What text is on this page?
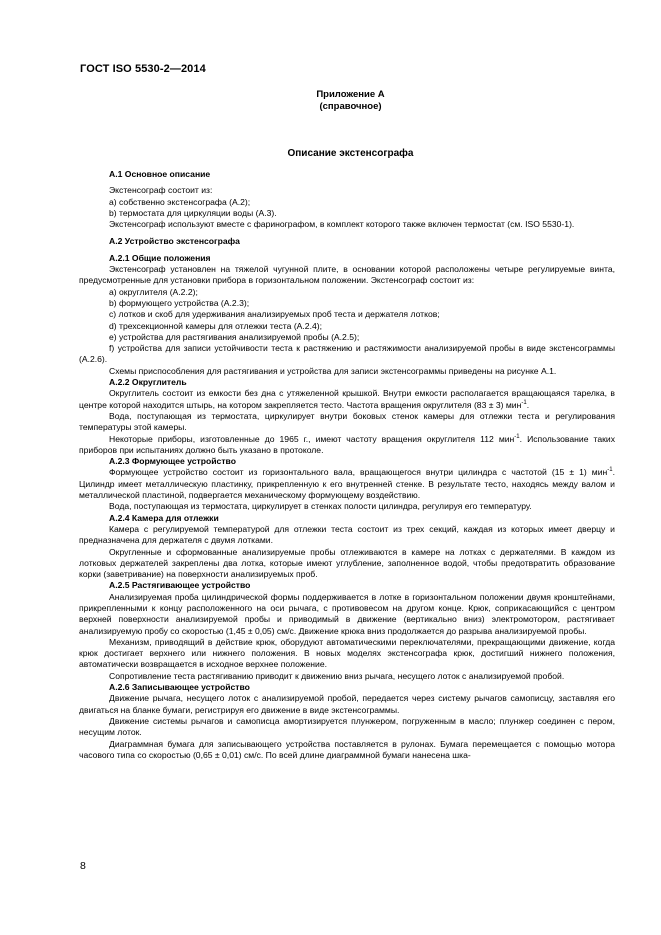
ГОСТ ISO 5530-2—2014
Приложение А
(справочное)
Описание экстенсографа
А.1 Основное описание

Экстенсограф состоит из:

а) собственно экстенсографа (А.2);

b) термостата для циркуляции воды (А.3).

Экстенсограф используют вместе с фаринографом, в комплект которого также включен термостат (см. ISO 5530-1).

А.2 Устройство экстенсографа
А.2.1 Общие положения

Экстенсограф установлен на тяжелой чугунной плите, в основании которой расположены четыре регулируемые винта, предусмотренные для установки прибора в горизонтальном положении. Экстенсограф состоит из:

а) округлителя (А.2.2);

b) формующего устройства (А.2.3);

с) лотков и скоб для удерживания анализируемых проб теста и держателя лотков;

d) трехсекционной камеры для отлежки теста (А.2.4);

е) устройства для растягивания анализируемой пробы (А.2.5);

f) устройства для записи устойчивости теста к растяжению и растяжимости анализируемой пробы в виде экстенсограммы (А.2.6).

Схемы приспособления для растягивания и устройства для записи экстенсограммы приведены на рисунке А.1.

А.2.2 Округлитель

Округлитель состоит из емкости без дна с утяжеленной крышкой. Внутри емкости располагается вращающаяся тарелка, в центре которой находится штырь, на котором закрепляется тесто. Частота вращения округлителя (83 ± 3) мин$^{-1}$.

Вода, поступающая из термостата, циркулирует внутри боковых стенок камеры для отлежки теста и регулирования температуры этой камеры.

Некоторые приборы, изготовленные до 1965 г., имеют частоту вращения округлителя 112 мин$^{-1}$. Использование таких приборов при испытаниях должно быть указано в протоколе.

А.2.3 Формующее устройство

Формующее устройство состоит из горизонтального вала, вращающегося внутри цилиндра с частотой (15 ± 1) мин$^{-1}$. Цилиндр имеет металлическую пластинку, прикрепленную к его внутренней стенке. В результате тесто, находясь между валом и металлической пластиной, подвергается механическому формующему воздействию.

Вода, поступающая из термостата, циркулирует в стенках полости цилиндра, регулируя его температуру.

А.2.4 Камера для отлежки

Камера с регулируемой температурой для отлежки теста состоит из трех секций, каждая из которых имеет дверцу и предназначена для держателя с двумя лотками.

Округленные и сформованные анализируемые пробы отлеживаются в камере на лотках с держателями. В каждом из лотковых держателей закреплены два лотка, которые имеют углубление, заполненное водой, чтобы предотвратить образование корки (заветривание) на поверхности анализируемых проб.

А.2.5 Растягивающее устройство

Анализируемая проба цилиндрической формы поддерживается в лотке в горизонтальном положении двумя кронштейнами, прикрепленными к концу расположенного на оси рычага, с противовесом на другом конце. Крюк, соприкасающийся с центром верхней поверхности анализируемой пробы и приводимый в движение (вертикально вниз) электромотором, растягивает анализируемую пробу со скоростью (1,45 ± 0,05) см/с. Движение крюка вниз продолжается до разрыва анализируемой пробы.

Механизм, приводящий в действие крюк, оборудуют автоматическими переключателями, прекращающими движение, когда крюк достигает верхнего или нижнего положения. В новых моделях экстенсографа крюк, достигший нижнего положения, автоматически возвращается в исходное верхнее положение.

Сопротивление теста растягиванию приводит к движению вниз рычага, несущего лоток с анализируемой пробой.

А.2.6 Записывающее устройство

Движение рычага, несущего лоток с анализируемой пробой, передается через систему рычагов самописцу, заставляя его двигаться на бланке бумаги, регистрируя его движение в виде экстенсограммы.

Движение системы рычагов и самописца амортизируется плунжером, погруженным в масло; плунжер соединен с пером, несущим лоток.

Диаграммная бумага для записывающего устройства поставляется в рулонах. Бумага перемещается с помощью мотора часового типа со скоростью (0,65 ± 0,01) см/с. По всей длине диаграммной бумаги нанесена шка-

8
